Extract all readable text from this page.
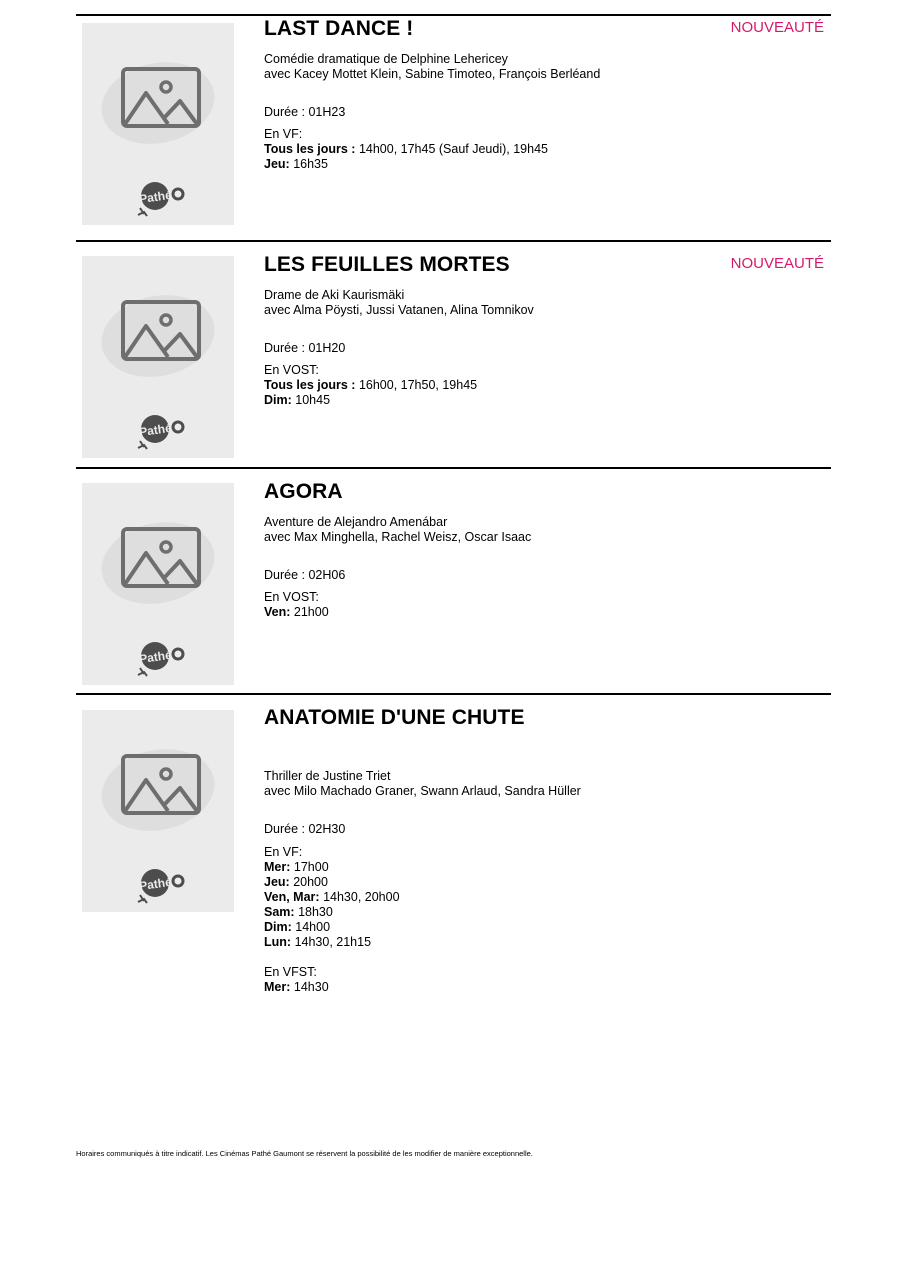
Pathé
LAST DANCE !	NOUVEAUTÉ
Comédie dramatique de Delphine Lehericey
avec Kacey Mottet Klein, Sabine Timoteo, François Berléand
Durée : 01H23
En VF:
Tous les jours : 14h00, 17h45 (Sauf Jeudi), 19h45
Jeu: 16h35
Pathé
LES FEUILLES MORTES	NOUVEAUTÉ
Drame de Aki Kaurismäki
avec Alma Pöysti, Jussi Vatanen, Alina Tomnikov
Durée : 01H20
En VOST:
Tous les jours : 16h00, 17h50, 19h45
Dim: 10h45
Pathé
AGORA
Aventure de Alejandro Amenábar
avec Max Minghella, Rachel Weisz, Oscar Isaac
Durée : 02H06
En VOST:
Ven: 21h00
Pathé
ANATOMIE D'UNE CHUTE
Thriller de Justine Triet
avec Milo Machado Graner, Swann Arlaud, Sandra Hüller
Durée : 02H30
En VF:
Mer: 17h00
Jeu: 20h00
Ven, Mar: 14h30, 20h00
Sam: 18h30
Dim: 14h00
Lun: 14h30, 21h15
En VFST:
Mer: 14h30
Horaires communiqués à titre indicatif. Les Cinémas Pathé Gaumont se réservent la possibilité de les modifier de manière exceptionnelle.
